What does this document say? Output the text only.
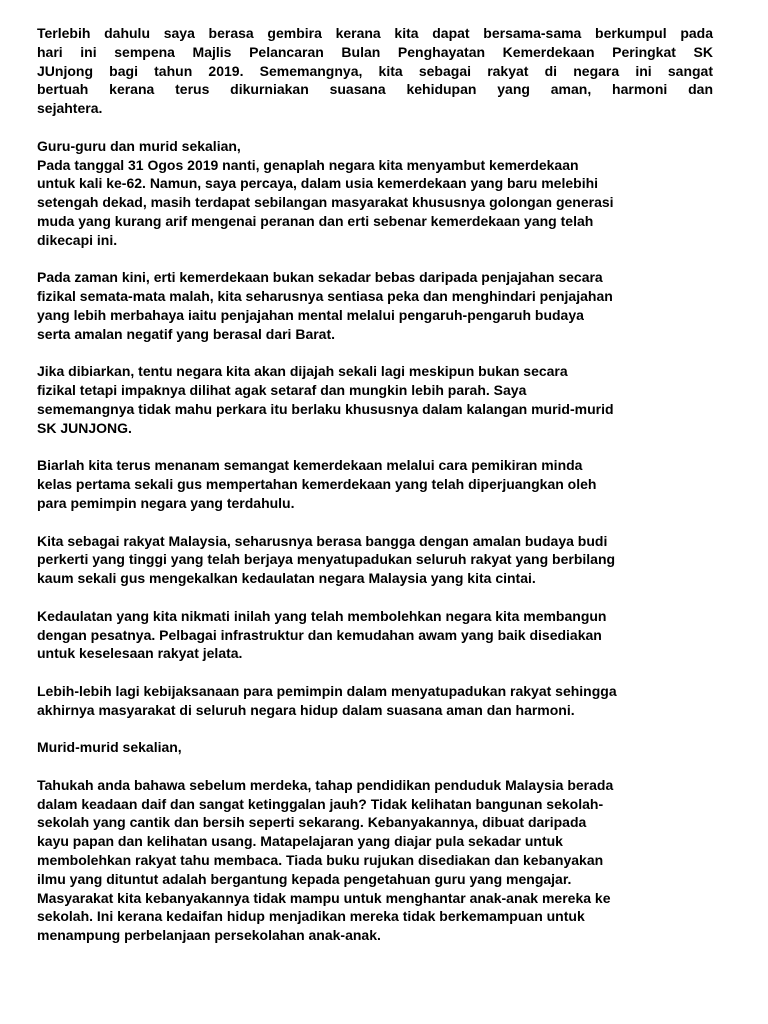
Terlebih dahulu saya berasa gembira kerana kita dapat bersama-sama berkumpul pada
hari ini sempena Majlis Pelancaran Bulan Penghayatan Kemerdekaan Peringkat SK
JUnjong bagi tahun 2019. Sememangnya, kita sebagai rakyat di negara ini sangat
bertuah kerana terus dikurniakan suasana kehidupan yang aman, harmoni dan
sejahtera.

Guru-guru dan murid sekalian,
Pada tanggal 31 Ogos 2019 nanti, genaplah negara kita menyambut kemerdekaan
untuk kali ke-62. Namun, saya percaya, dalam usia kemerdekaan yang baru melebihi
setengah dekad, masih terdapat sebilangan masyarakat khususnya golongan generasi
muda yang kurang arif mengenai peranan dan erti sebenar kemerdekaan yang telah
dikecapi ini.

Pada zaman kini, erti kemerdekaan bukan sekadar bebas daripada penjajahan secara
fizikal semata-mata malah, kita seharusnya sentiasa peka dan menghindari penjajahan
yang lebih merbahaya iaitu penjajahan mental melalui pengaruh-pengaruh budaya
serta amalan negatif yang berasal dari Barat.

Jika dibiarkan, tentu negara kita akan dijajah sekali lagi meskipun bukan secara
fizikal tetapi impaknya dilihat agak setaraf dan mungkin lebih parah. Saya
sememangnya tidak mahu perkara itu berlaku khususnya dalam kalangan murid-murid
SK JUNJONG.

Biarlah kita terus menanam semangat kemerdekaan melalui cara pemikiran minda
kelas pertama sekali gus mempertahan kemerdekaan yang telah diperjuangkan oleh
para pemimpin negara yang terdahulu.

Kita sebagai rakyat Malaysia, seharusnya berasa bangga dengan amalan budaya budi
perkerti yang tinggi yang telah berjaya menyatupadukan seluruh rakyat yang berbilang
kaum sekali gus mengekalkan kedaulatan negara Malaysia yang kita cintai.

Kedaulatan yang kita nikmati inilah yang telah membolehkan negara kita membangun
dengan pesatnya. Pelbagai infrastruktur dan kemudahan awam yang baik disediakan
untuk keselesaan rakyat jelata.

Lebih-lebih lagi kebijaksanaan para pemimpin dalam menyatupadukan rakyat sehingga
akhirnya masyarakat di seluruh negara hidup dalam suasana aman dan harmoni.

Murid-murid sekalian,

Tahukah anda bahawa sebelum merdeka, tahap pendidikan penduduk Malaysia berada
dalam keadaan daif dan sangat ketinggalan jauh? Tidak kelihatan bangunan sekolah-
sekolah yang cantik dan bersih seperti sekarang. Kebanyakannya, dibuat daripada
kayu papan dan kelihatan usang. Matapelajaran yang diajar pula sekadar untuk
membolehkan rakyat tahu membaca. Tiada buku rujukan disediakan dan kebanyakan
ilmu yang dituntut adalah bergantung kepada pengetahuan guru yang mengajar.
Masyarakat kita kebanyakannya tidak mampu untuk menghantar anak-anak mereka ke
sekolah. Ini kerana kedaifan hidup menjadikan mereka tidak berkemampuan untuk
menampung perbelanjaan persekolahan anak-anak.
